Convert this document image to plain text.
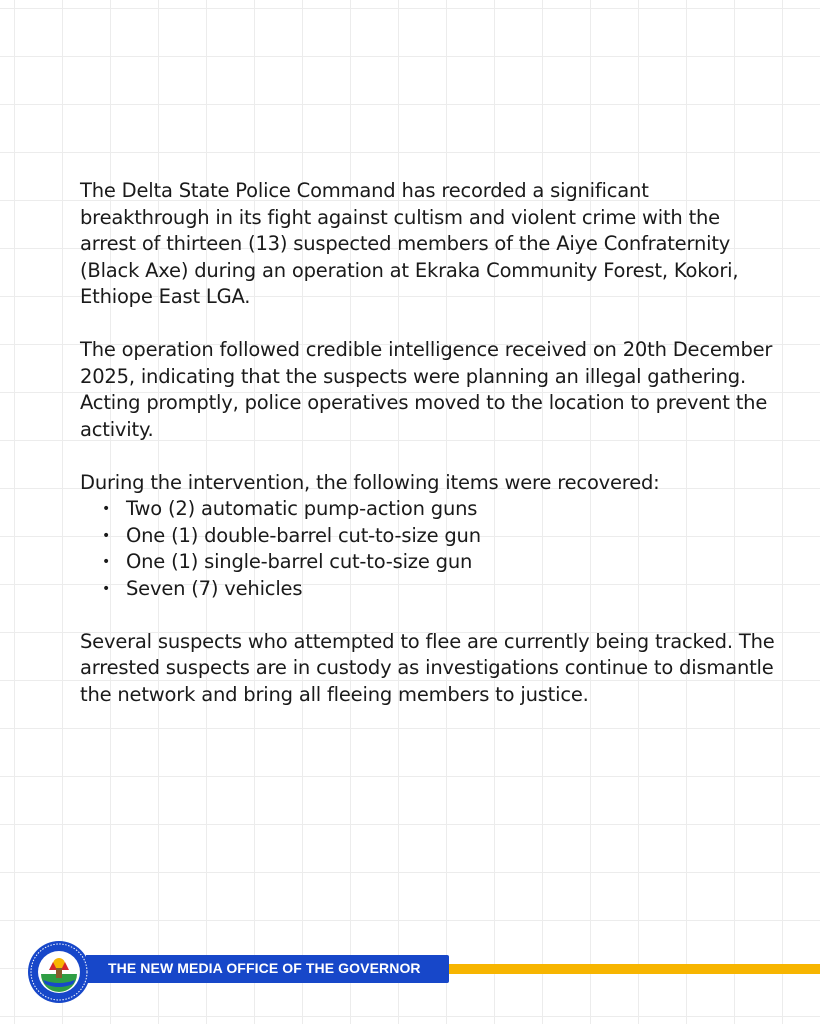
The Delta State Police Command has recorded a significant breakthrough in its fight against cultism and violent crime with the arrest of thirteen (13) suspected members of the Aiye Confraternity (Black Axe) during an operation at Ekraka Community Forest, Kokori, Ethiope East LGA.

The operation followed credible intelligence received on 20th December 2025, indicating that the suspects were planning an illegal gathering. Acting promptly, police operatives moved to the location to prevent the activity.

During the intervention, the following items were recovered:

• Two (2) automatic pump-action guns
• One (1) double-barrel cut-to-size gun
• One (1) single-barrel cut-to-size gun
• Seven (7) vehicles

Several suspects who attempted to flee are currently being tracked. The arrested suspects are in custody as investigations continue to dismantle the network and bring all fleeing members to justice.

THE NEW MEDIA OFFICE OF THE GOVERNOR
